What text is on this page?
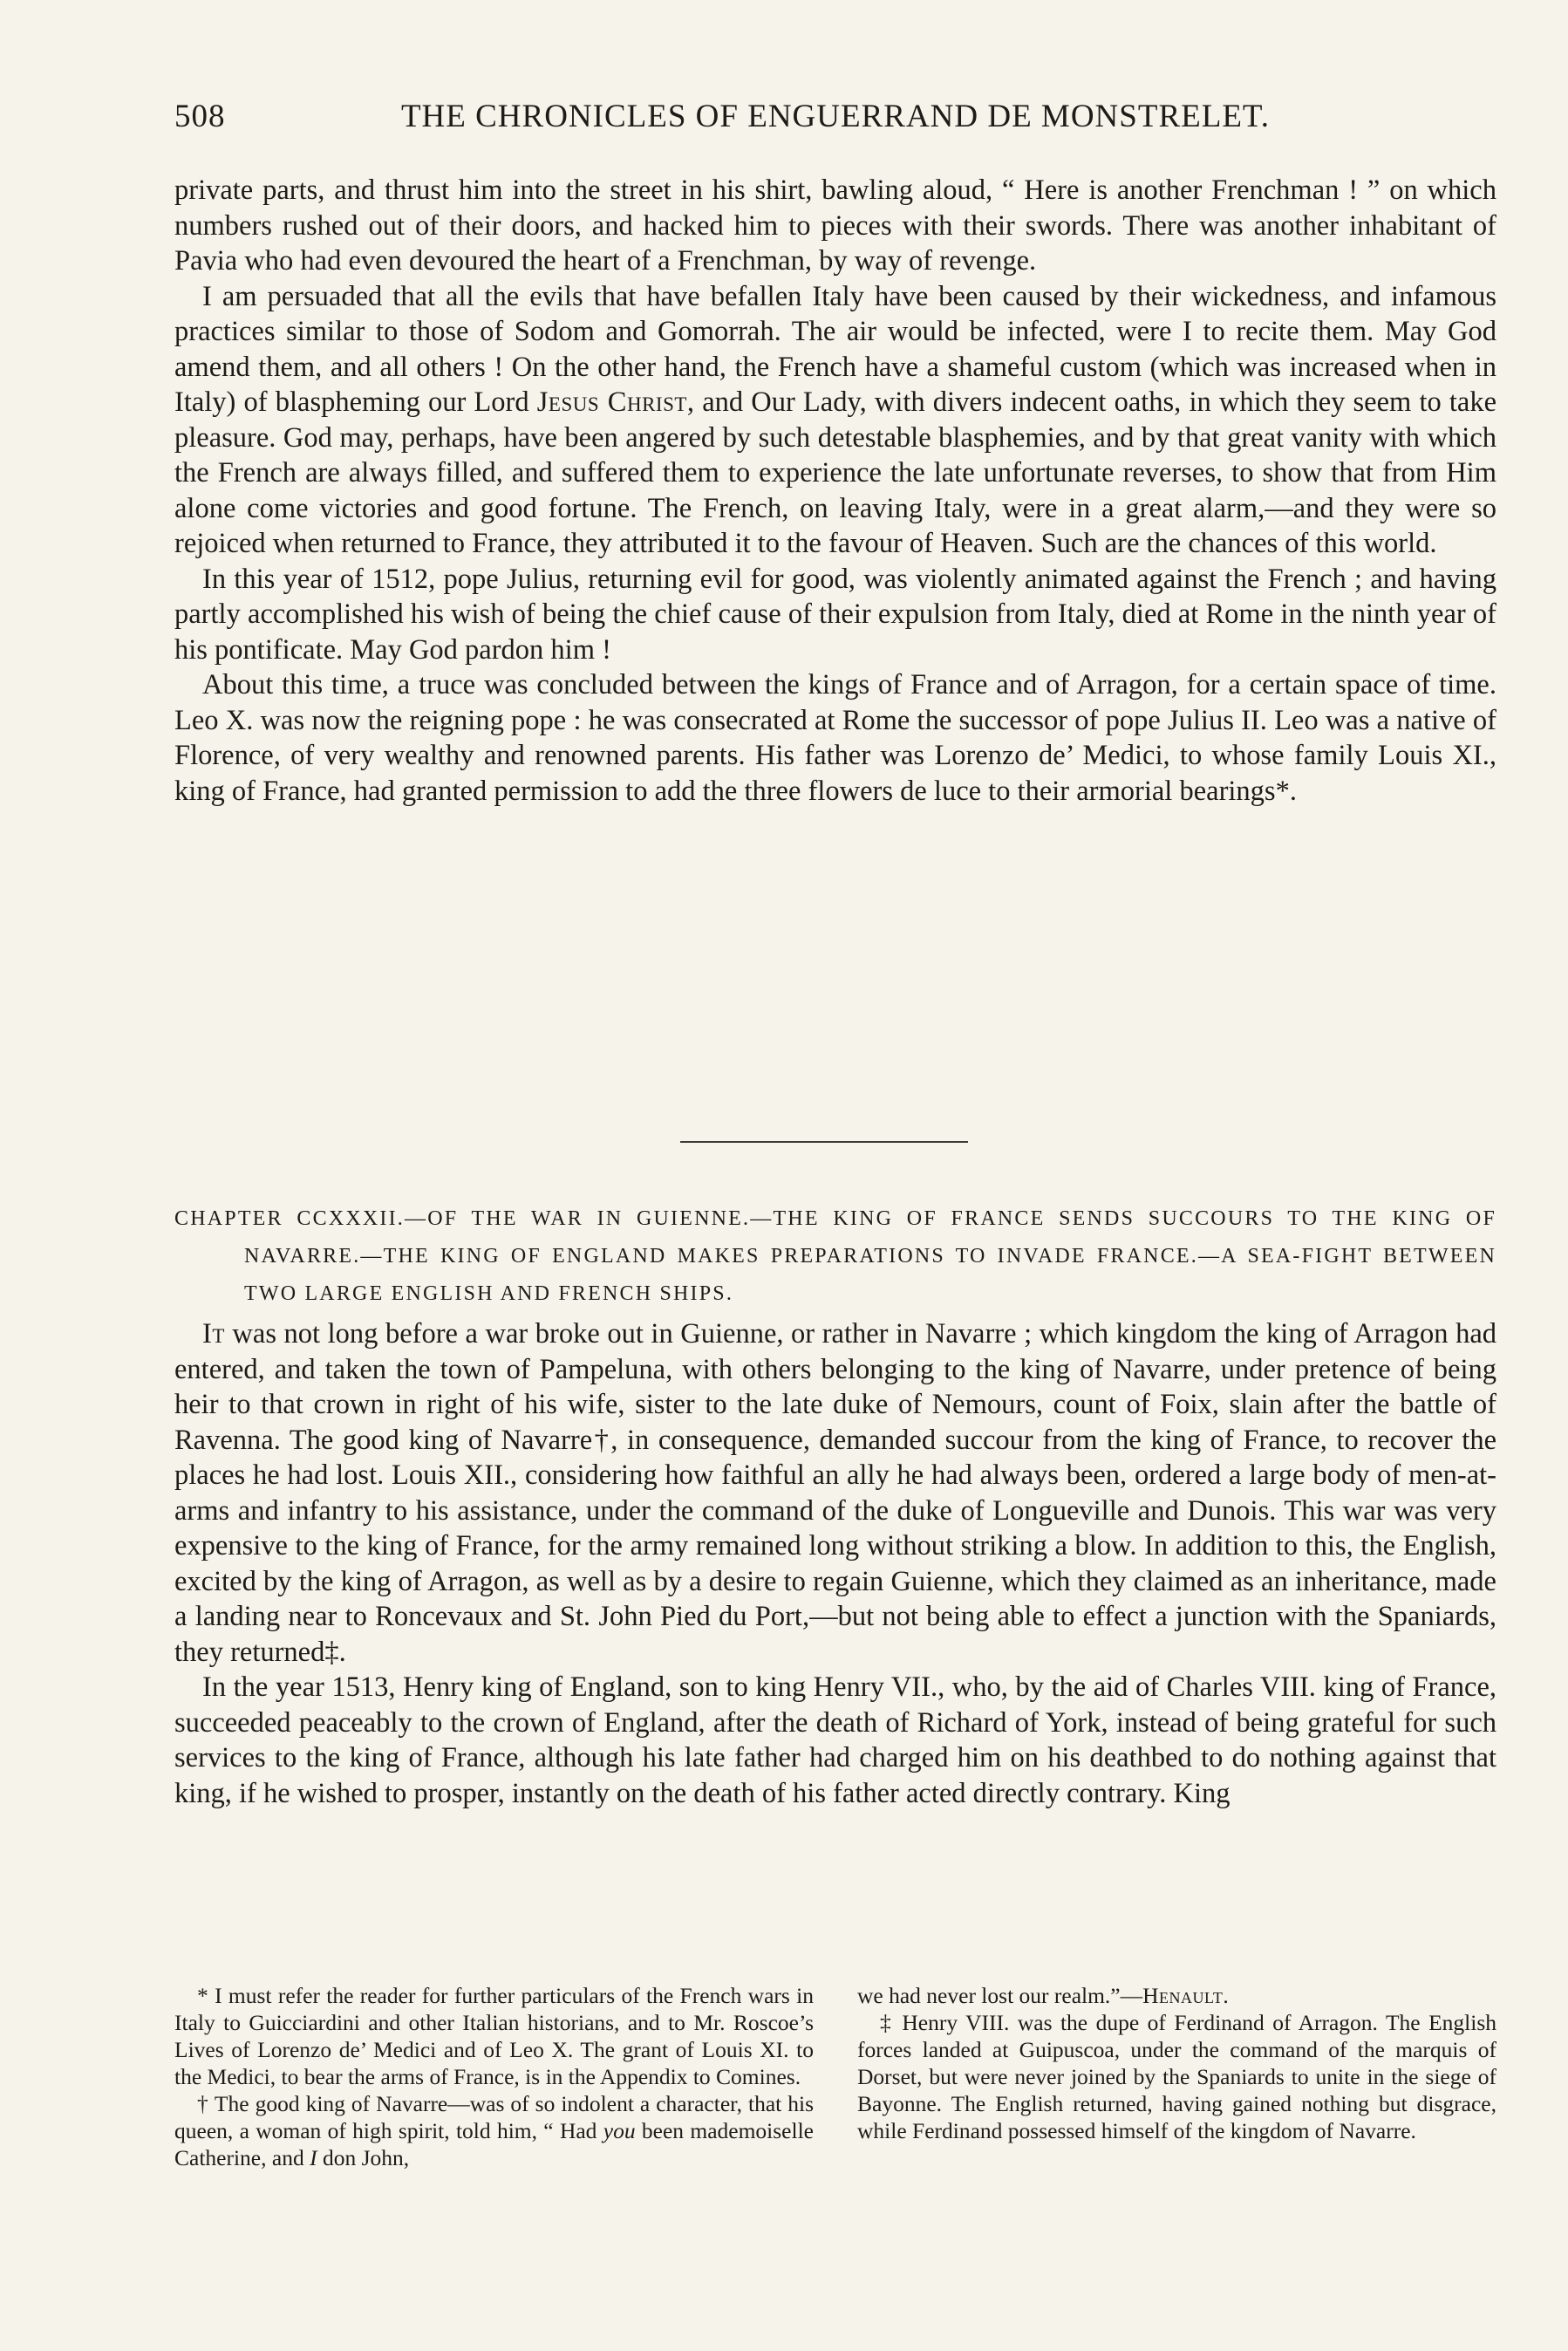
508	THE CHRONICLES OF ENGUERRAND DE MONSTRELET.

private parts, and thrust him into the street in his shirt, bawling aloud, “ Here is another Frenchman ! ” on which numbers rushed out of their doors, and hacked him to pieces with their swords. There was another inhabitant of Pavia who had even devoured the heart of a Frenchman, by way of revenge.

I am persuaded that all the evils that have befallen Italy have been caused by their wickedness, and infamous practices similar to those of Sodom and Gomorrah. The air would be infected, were I to recite them. May God amend them, and all others ! On the other hand, the French have a shameful custom (which was increased when in Italy) of blaspheming our Lord Jesus Christ, and Our Lady, with divers indecent oaths, in which they seem to take pleasure. God may, perhaps, have been angered by such detestable blasphemies, and by that great vanity with which the French are always filled, and suffered them to experience the late unfortunate reverses, to show that from Him alone come victories and good fortune. The French, on leaving Italy, were in a great alarm,—and they were so rejoiced when returned to France, they attributed it to the favour of Heaven. Such are the chances of this world.

In this year of 1512, pope Julius, returning evil for good, was violently animated against the French ; and having partly accomplished his wish of being the chief cause of their expulsion from Italy, died at Rome in the ninth year of his pontificate. May God pardon him !

About this time, a truce was concluded between the kings of France and of Arragon, for a certain space of time. Leo X. was now the reigning pope : he was consecrated at Rome the successor of pope Julius II. Leo was a native of Florence, of very wealthy and renowned parents. His father was Lorenzo de’ Medici, to whose family Louis XI., king of France, had granted permission to add the three flowers de luce to their armorial bearings*.

CHAPTER CCXXXII.—OF THE WAR IN GUIENNE.—THE KING OF FRANCE SENDS SUCCOURS TO THE KING OF NAVARRE.—THE KING OF ENGLAND MAKES PREPARATIONS TO INVADE FRANCE.—A SEA-FIGHT BETWEEN TWO LARGE ENGLISH AND FRENCH SHIPS.

It was not long before a war broke out in Guienne, or rather in Navarre ; which kingdom the king of Arragon had entered, and taken the town of Pampeluna, with others belonging to the king of Navarre, under pretence of being heir to that crown in right of his wife, sister to the late duke of Nemours, count of Foix, slain after the battle of Ravenna. The good king of Navarre†, in consequence, demanded succour from the king of France, to recover the places he had lost. Louis XII., considering how faithful an ally he had always been, ordered a large body of men-at-arms and infantry to his assistance, under the command of the duke of Longueville and Dunois. This war was very expensive to the king of France, for the army remained long without striking a blow. In addition to this, the English, excited by the king of Arragon, as well as by a desire to regain Guienne, which they claimed as an inheritance, made a landing near to Roncevaux and St. John Pied du Port,—but not being able to effect a junction with the Spaniards, they returned‡.

In the year 1513, Henry king of England, son to king Henry VII., who, by the aid of Charles VIII. king of France, succeeded peaceably to the crown of England, after the death of Richard of York, instead of being grateful for such services to the king of France, although his late father had charged him on his deathbed to do nothing against that king, if he wished to prosper, instantly on the death of his father acted directly contrary. King

* I must refer the reader for further particulars of the French wars in Italy to Guicciardini and other Italian historians, and to Mr. Roscoe’s Lives of Lorenzo de’ Medici and of Leo X. The grant of Louis XI. to the Medici, to bear the arms of France, is in the Appendix to Comines.

† The good king of Navarre—was of so indolent a character, that his queen, a woman of high spirit, told him, “ Had you been mademoiselle Catherine, and I don John,

we had never lost our realm.”—Henault.

‡ Henry VIII. was the dupe of Ferdinand of Arragon. The English forces landed at Guipuscoa, under the command of the marquis of Dorset, but were never joined by the Spaniards to unite in the siege of Bayonne. The English returned, having gained nothing but disgrace, while Ferdinand possessed himself of the kingdom of Navarre.
